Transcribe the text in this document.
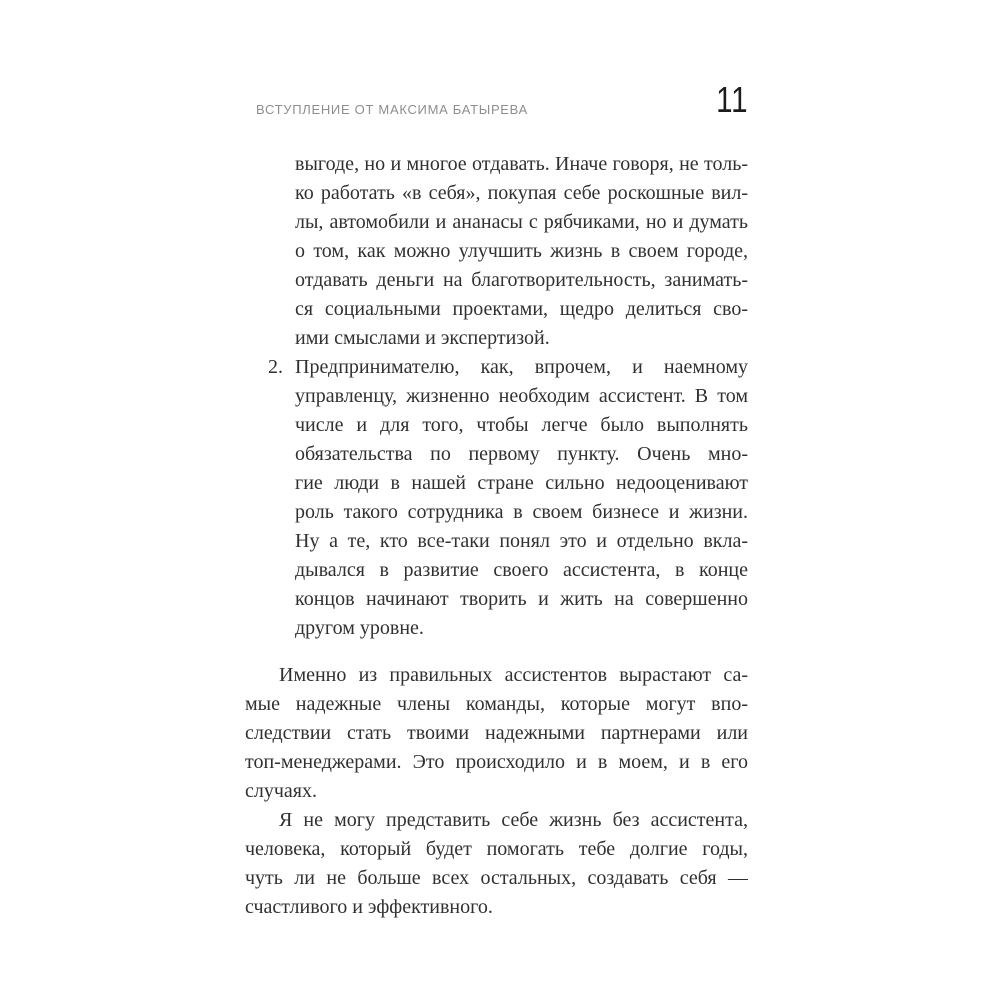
ВСТУПЛЕНИЕ ОТ МАКСИМА БАТЫРЕВА	11
выгоде, но и многое отдавать. Иначе говоря, не толь-
ко работать «в себя», покупая себе роскошные вил-
лы, автомобили и ананасы с рябчиками, но и думать
о том, как можно улучшить жизнь в своем городе,
отдавать деньги на благотворительность, занимать-
ся социальными проектами, щедро делиться сво-
ими смыслами и экспертизой.
2. Предпринимателю, как, впрочем, и наемному
управленцу, жизненно необходим ассистент. В том
числе и для того, чтобы легче было выполнять
обязательства по первому пункту. Очень мно-
гие люди в нашей стране сильно недооценивают
роль такого сотрудника в своем бизнесе и жизни.
Ну а те, кто все-таки понял это и отдельно вкла-
дывался в развитие своего ассистента, в конце
концов начинают творить и жить на совершенно
другом уровне.
Именно из правильных ассистентов вырастают са-
мые надежные члены команды, которые могут впо-
следствии стать твоими надежными партнерами или
топ-менеджерами. Это происходило и в моем, и в его
случаях.
Я не могу представить себе жизнь без ассистента,
человека, который будет помогать тебе долгие годы,
чуть ли не больше всех остальных, создавать себя —
счастливого и эффективного.
